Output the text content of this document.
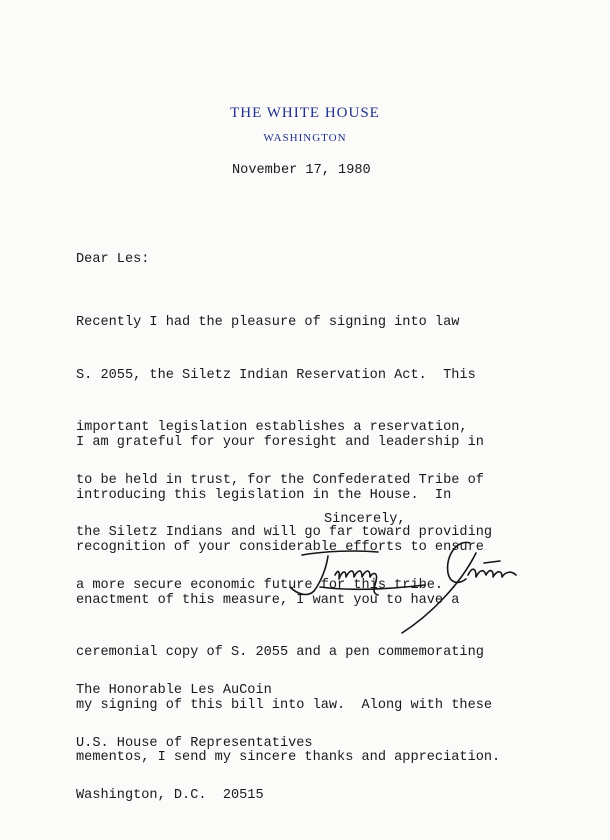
THE WHITE HOUSE
WASHINGTON
November 17, 1980
Dear Les:

Recently I had the pleasure of signing into law

S. 2055, the Siletz Indian Reservation Act.  This

important legislation establishes a reservation,

to be held in trust, for the Confederated Tribe of

the Siletz Indians and will go far toward providing

a more secure economic future for this tribe.

I am grateful for your foresight and leadership in

introducing this legislation in the House.  In

recognition of your considerable efforts to ensure

enactment of this measure, I want you to have a

ceremonial copy of S. 2055 and a pen commemorating

my signing of this bill into law.  Along with these

mementos, I send my sincere thanks and appreciation.

Sincerely,

The Honorable Les AuCoin

U.S. House of Representatives

Washington, D.C.  20515
